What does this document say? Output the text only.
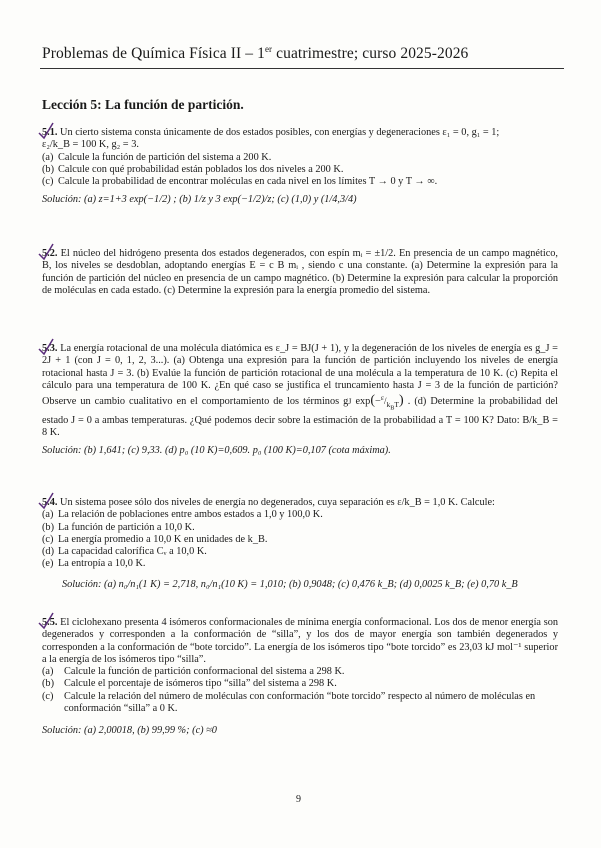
Problemas de Química Física II – 1er cuatrimestre; curso 2025-2026
Lección 5: La función de partición.

5.1. Un cierto sistema consta únicamente de dos estados posibles, con energías y degeneraciones ε₁ = 0, g₁ = 1;
ε₂/k_B = 100 K, g₂ = 3.

(a) Calcule la función de partición del sistema a 200 K.
(b) Calcule con qué probabilidad están poblados los dos niveles a 200 K.
(c) Calcule la probabilidad de encontrar moléculas en cada nivel en los límites T → 0 y T → ∞.

Solución: (a) z=1+3 exp(−1/2) ; (b) 1/z y 3 exp(−1/2)/z; (c) (1,0) y (1/4,3/4)

5.2. El núcleo del hidrógeno presenta dos estados degenerados, con espín mᵢ = ±1/2. En presencia de un campo magnético, B, los niveles se desdoblan, adoptando energías E = c B mᵢ , siendo c una constante. (a) Determine la expresión para la función de partición del núcleo en presencia de un campo magnético. (b) Determine la expresión para calcular la proporción de moléculas en cada estado. (c) Determine la expresión para la energía promedio del sistema.

5.3. La energía rotacional de una molécula diatómica es ε_J = BJ(J + 1), y la degeneración de los niveles de energía es g_J = 2J + 1 (con J = 0, 1, 2, 3...). (a) Obtenga una expresión para la función de partición incluyendo los niveles de energía rotacional hasta J = 3. (b) Evalúe la función de partición rotacional de una molécula a la temperatura de 10 K. (c) Repita el cálculo para una temperatura de 100 K. ¿En qué caso se justifica el truncamiento hasta J = 3 de la función de partición? Observe un cambio cualitativo en el comportamiento de los términos gJ $\exp(-^\varepsilon/_{k_BT})$ . (d) Determine la probabilidad del estado J = 0 a ambas temperaturas. ¿Qué podemos decir sobre la estimación de la probabilidad a T = 100 K? Dato: B/k_B = 8 K.

Solución: (b) 1,641; (c) 9,33. (d) p₀ (10 K)=0,609. p₀ (100 K)=0,107 (cota máxima).

5.4. Un sistema posee sólo dos niveles de energía no degenerados, cuya separación es ε/k_B = 1,0 K. Calcule:

(a) La relación de poblaciones entre ambos estados a 1,0 y 100,0 K.
(b) La función de partición a 10,0 K.
(c) La energía promedio a 10,0 K en unidades de k_B.
(d) La capacidad calorífica Cᵥ a 10,0 K.
(e) La entropía a 10,0 K.

Solución: (a) n₀/n₁(1 K) = 2,718, n₀/n₁(10 K) = 1,010; (b) 0,9048; (c) 0,476 k_B; (d) 0,0025 k_B; (e) 0,70 k_B

5.5. El ciclohexano presenta 4 isómeros conformacionales de mínima energía conformacional. Los dos de menor energía son degenerados y corresponden a la conformación de “silla”, y los dos de mayor energía son también degenerados y corresponden a la conformación de “bote torcido”. La energía de los isómeros tipo “bote torcido” es 23,03 kJ mol⁻¹ superior a la energía de los isómeros tipo “silla”.

(a)	Calcule la función de partición conformacional del sistema a 298 K.
(b) Calcule el porcentaje de isómeros tipo “silla” del sistema a 298 K.
(c)	Calcule la relación del número de moléculas con conformación “bote torcido” respecto al número de moléculas en conformación “silla” a 0 K.

Solución: (a) 2,00018, (b) 99,99 %; (c) ≈0

9
